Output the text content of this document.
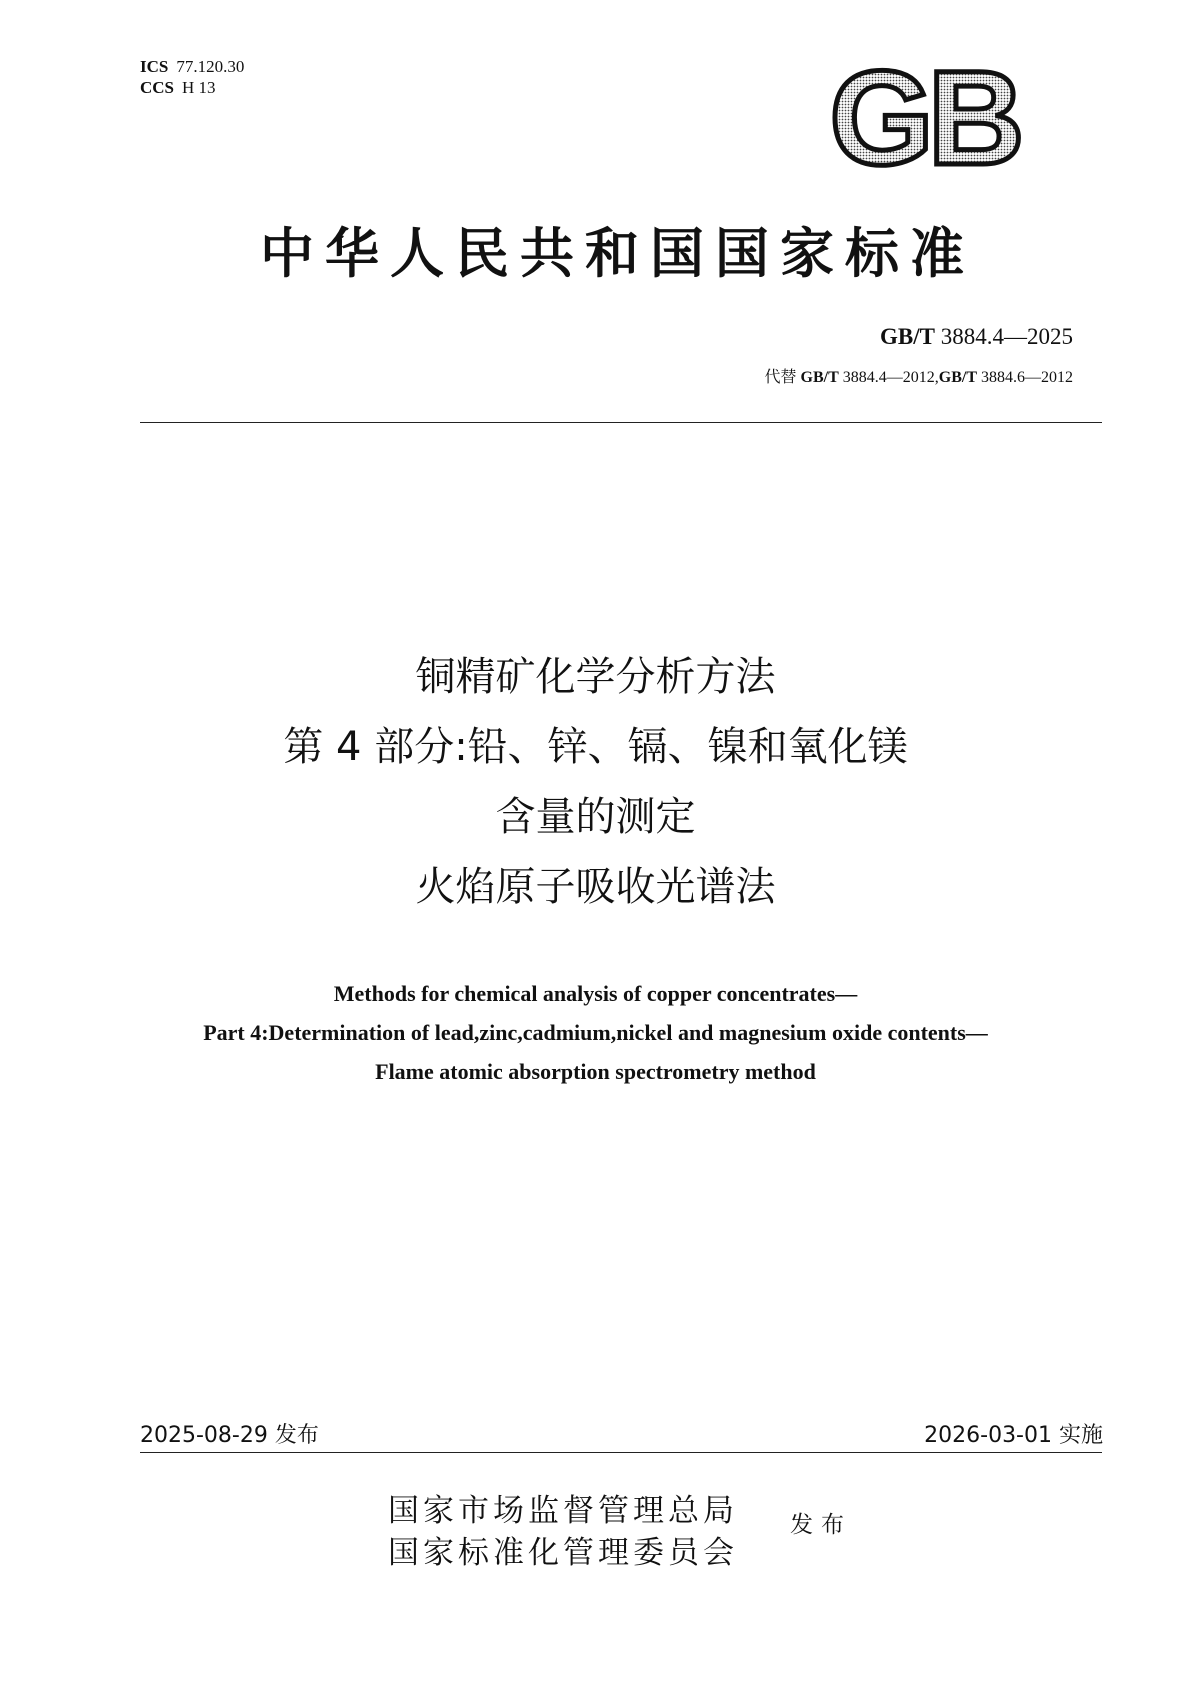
ICS 77.120.30
CCS H 13	GB
中华人民共和国国家标准
GB/T 3884.4—2025
代替 GB/T 3884.4—2012,GB/T 3884.6—2012
铜精矿化学分析方法
第 4 部分:铅、锌、镉、镍和氧化镁
含量的测定
火焰原子吸收光谱法
Methods for chemical analysis of copper concentrates—
Part 4:Determination of lead,zinc,cadmium,nickel and magnesium oxide contents—
Flame atomic absorption spectrometry method
2025-08-29 发布	2026-03-01 实施
国家市场监督管理总局
国家标准化管理委员会
发布
